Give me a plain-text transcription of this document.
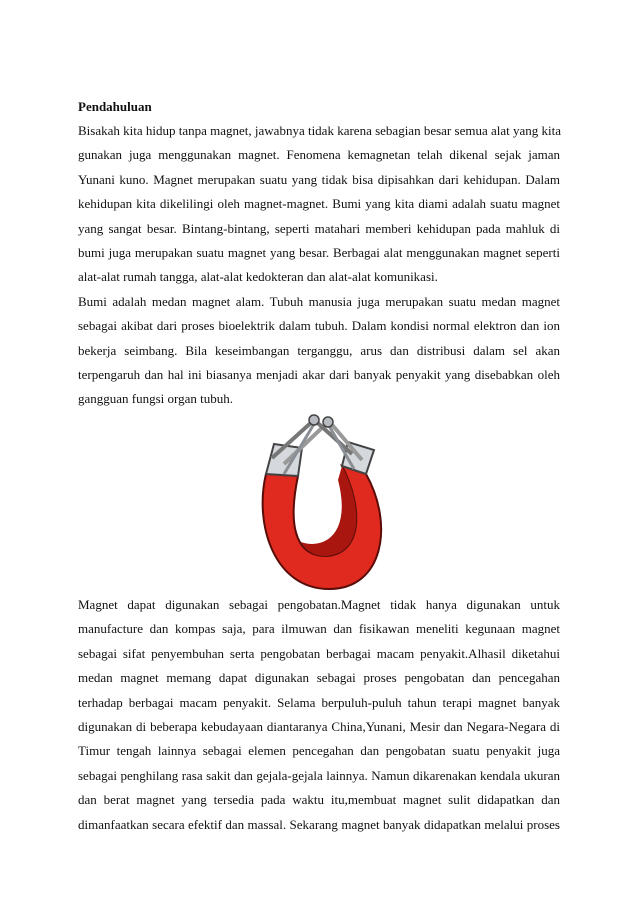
Pendahuluan

Bisakah kita hidup tanpa magnet, jawabnya tidak karena sebagian besar semua alat yang kita
gunakan juga menggunakan magnet. Fenomena kemagnetan telah dikenal sejak jaman
Yunani kuno. Magnet merupakan suatu yang tidak bisa dipisahkan dari kehidupan. Dalam
kehidupan kita dikelilingi oleh magnet-magnet. Bumi yang kita diami adalah suatu magnet
yang sangat besar. Bintang-bintang, seperti matahari memberi kehidupan pada mahluk di
bumi juga merupakan suatu magnet yang besar. Berbagai alat menggunakan magnet seperti
alat-alat rumah tangga, alat-alat kedokteran dan alat-alat komunikasi.
Bumi adalah medan magnet alam. Tubuh manusia juga merupakan suatu medan magnet
sebagai akibat dari proses bioelektrik dalam tubuh. Dalam kondisi normal elektron dan ion
bekerja seimbang. Bila keseimbangan terganggu, arus dan distribusi dalam sel akan
terpengaruh dan hal ini biasanya menjadi akar dari banyak penyakit yang disebabkan oleh
gangguan fungsi organ tubuh.
Magnet dapat digunakan sebagai pengobatan.Magnet tidak hanya digunakan untuk
manufacture dan kompas saja, para ilmuwan dan fisikawan meneliti kegunaan magnet
sebagai sifat penyembuhan serta pengobatan berbagai macam penyakit.Alhasil diketahui
medan magnet memang dapat digunakan sebagai proses pengobatan dan pencegahan
terhadap berbagai macam penyakit. Selama berpuluh-puluh tahun terapi magnet banyak
digunakan di beberapa kebudayaan diantaranya China,Yunani, Mesir dan Negara-Negara di
Timur tengah lainnya sebagai elemen pencegahan dan pengobatan suatu penyakit juga
sebagai penghilang rasa sakit dan gejala-gejala lainnya. Namun dikarenakan kendala ukuran
dan berat magnet yang tersedia pada waktu itu,membuat magnet sulit didapatkan dan
dimanfaatkan secara efektif dan massal. Sekarang magnet banyak didapatkan melalui proses
